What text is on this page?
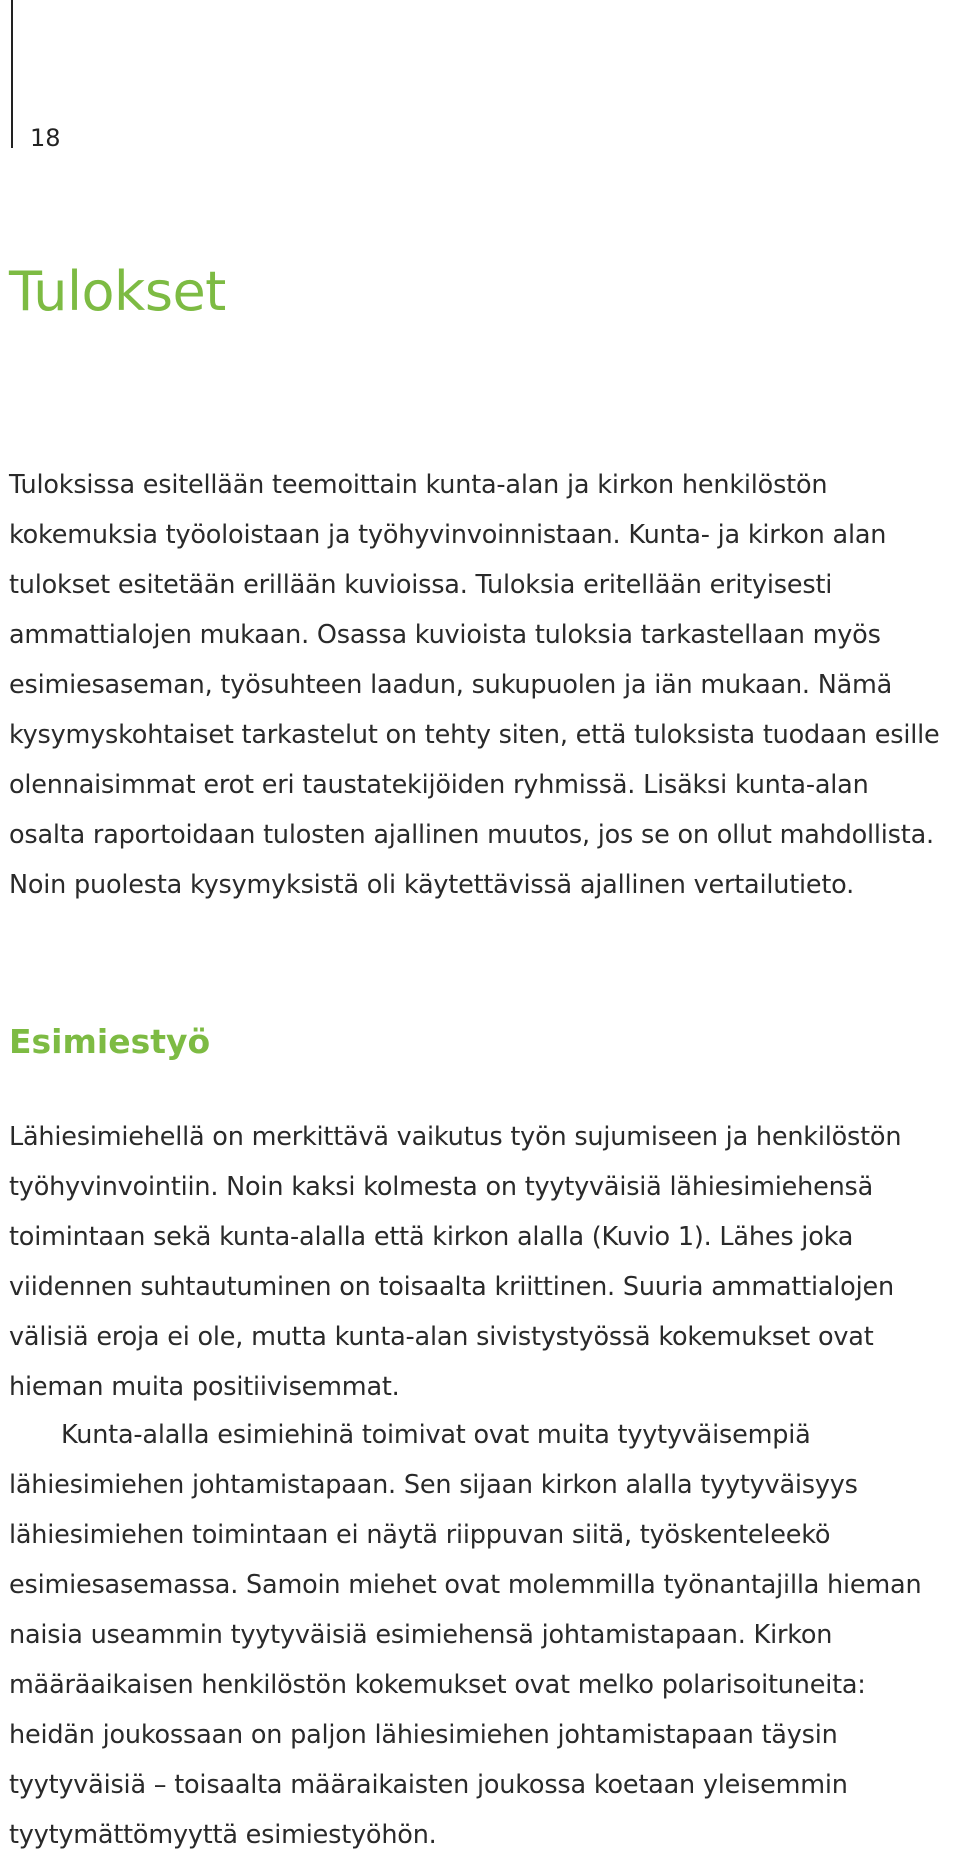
18
Tulokset

Tuloksissa esitellään teemoittain kunta-alan ja kirkon henkilöstön kokemuksia työoloistaan ja työhyvinvoinnistaan. Kunta- ja kirkon alan tulokset esitetään erillään kuvioissa. Tuloksia eritellään erityisesti ammattialojen mukaan. Osassa kuvioista tuloksia tarkastellaan myös esimiesaseman, työsuhteen laadun, sukupuolen ja iän mukaan. Nämä kysymyskohtaiset tarkastelut on tehty siten, että tuloksista tuodaan esille olennaisimmat erot eri taustatekijöiden ryhmissä. Lisäksi kunta-alan osalta raportoidaan tulosten ajallinen muutos, jos se on ollut mahdollista. Noin puolesta kysymyksistä oli käytettävissä ajallinen vertailutieto.

Esimiestyö

Lähiesimiehellä on merkittävä vaikutus työn sujumiseen ja henkilöstön työhyvinvointiin. Noin kaksi kolmesta on tyytyväisiä lähiesimiehensä toimintaan sekä kunta-alalla että kirkon alalla (Kuvio 1). Lähes joka viidennen suhtautuminen on toisaalta kriittinen. Suuria ammattialojen välisiä eroja ei ole, mutta kunta-alan sivistystyössä kokemukset ovat hieman muita positiivisemmat.

Kunta-alalla esimiehinä toimivat ovat muita tyytyväisempiä lähiesimiehen johtamistapaan. Sen sijaan kirkon alalla tyytyväisyys lähiesimiehen toimintaan ei näytä riippuvan siitä, työskenteleekö esimiesasemassa. Samoin miehet ovat molemmilla työnantajilla hieman naisia useammin tyytyväisiä esimiehensä johtamistapaan. Kirkon määräaikaisen henkilöstön kokemukset ovat melko polarisoituneita: heidän joukossaan on paljon lähiesimiehen johtamistapaan täysin tyytyväisiä – toisaalta määraikaisten joukossa koetaan yleisemmin tyytymättömyyttä esimiestyöhön.
